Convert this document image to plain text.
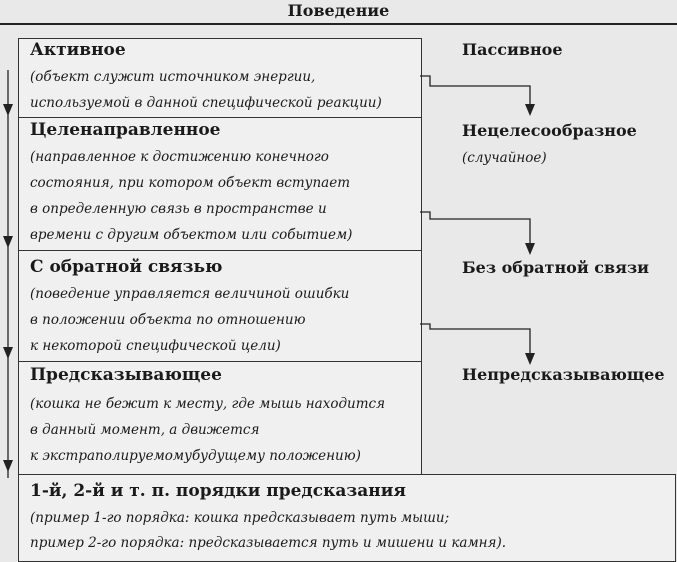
Поведение
Активное
(объект служит источником энергии,
используемой в данной специфической реакции)
Целенаправленное
(направленное к достижению конечного
состояния, при котором объект вступает
в определенную связь в пространстве и
времени с другим объектом или событием)
С обратной связью
(поведение управляется величиной ошибки
в положении объекта по отношению
к некоторой специфической цели)
Предсказывающее
(кошка не бежит к месту, где мышь находится
в данный момент, а движется
к экстраполируемомубудущему положению)
1-й, 2-й и т. п. порядки предсказания
(пример 1-го порядка: кошка предсказывает путь мыши;
пример 2-го порядка: предсказывается путь и мишени и камня).
Пассивное
Нецелесообразное
(случайное)
Без обратной связи
Непредсказывающее
